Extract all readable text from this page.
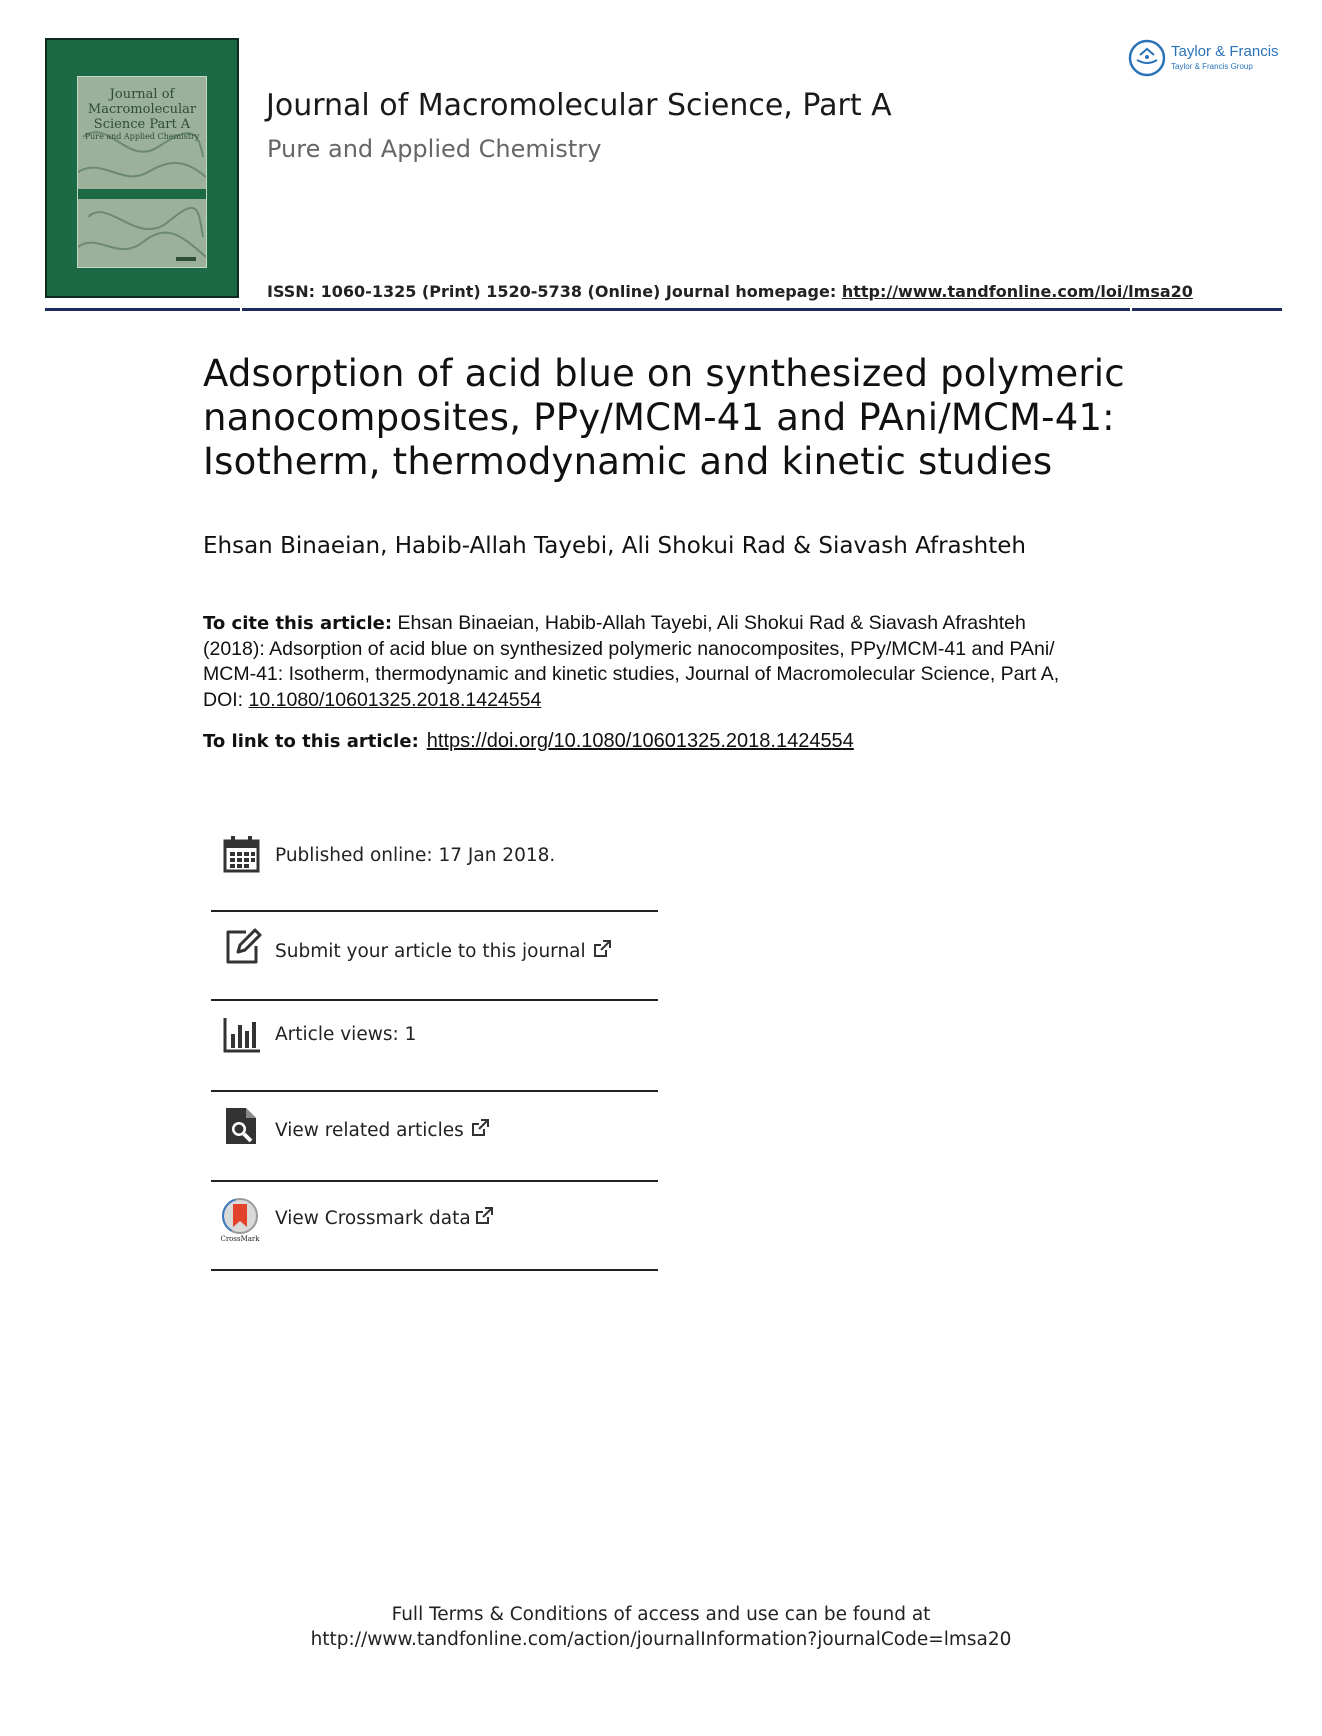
Journal of
Macromolecular
Science Part A
Pure and Applied Chemistry
Taylor & Francis
Taylor & Francis Group
Journal of Macromolecular Science, Part A
Pure and Applied Chemistry
ISSN: 1060-1325 (Print) 1520-5738 (Online) Journal homepage: http://www.tandfonline.com/loi/lmsa20
Adsorption of acid blue on synthesized polymeric
nanocomposites, PPy/MCM-41 and PAni/MCM-41:
Isotherm, thermodynamic and kinetic studies
Ehsan Binaeian, Habib-Allah Tayebi, Ali Shokui Rad & Siavash Afrashteh
To cite this article: Ehsan Binaeian, Habib-Allah Tayebi, Ali Shokui Rad & Siavash Afrashteh
(2018): Adsorption of acid blue on synthesized polymeric nanocomposites, PPy/MCM-41 and PAni/
MCM-41: Isotherm, thermodynamic and kinetic studies, Journal of Macromolecular Science, Part A,
DOI: 10.1080/10601325.2018.1424554
To link to this article: https://doi.org/10.1080/10601325.2018.1424554
Published online: 17 Jan 2018.
Submit your article to this journal
Article views: 1
View related articles
CrossMark
View Crossmark data
Full Terms & Conditions of access and use can be found at
http://www.tandfonline.com/action/journalInformation?journalCode=lmsa20
